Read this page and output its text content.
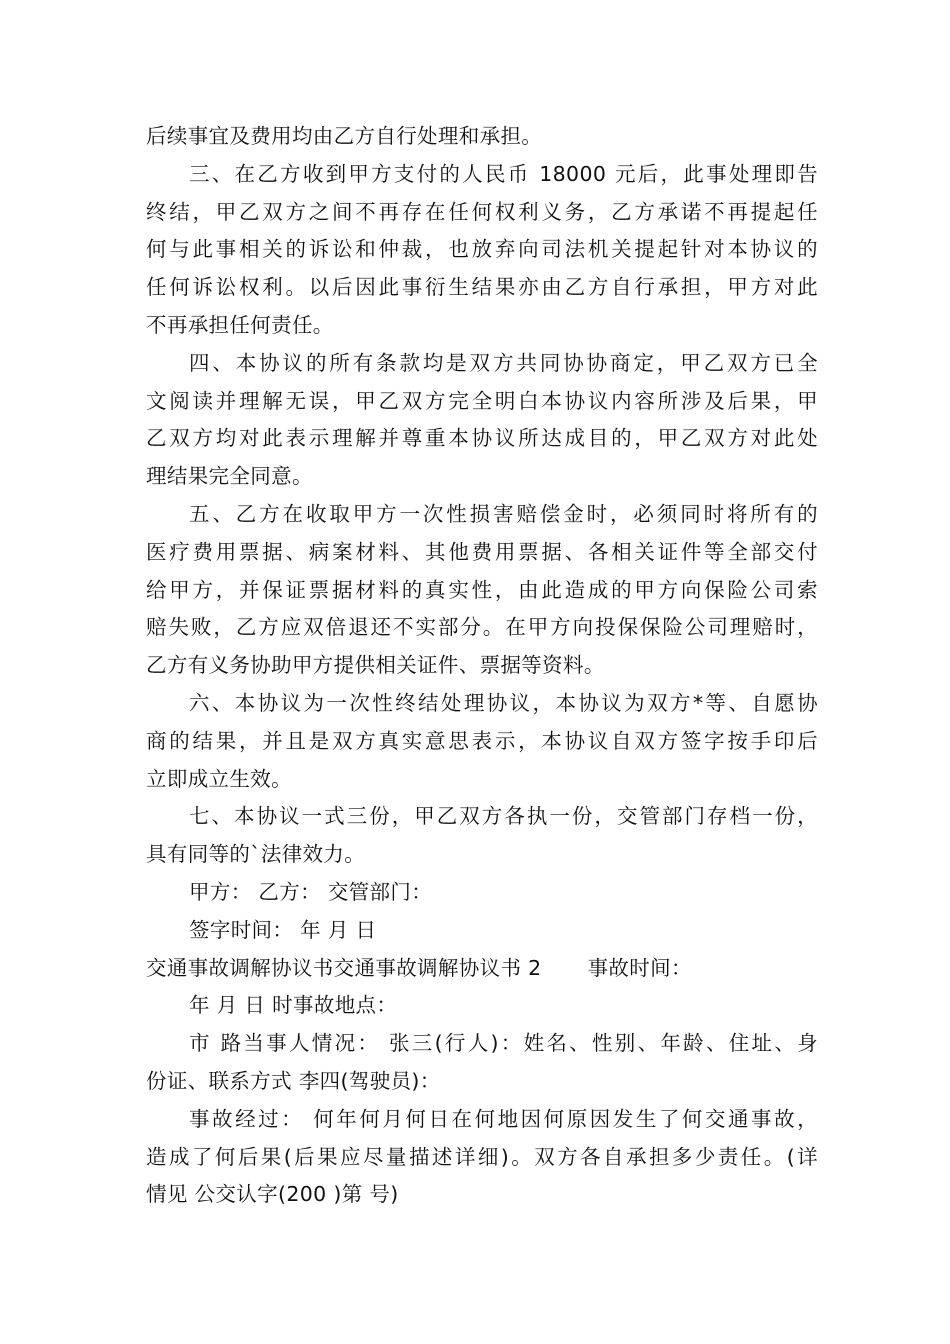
后续事宜及费用均由乙方自行处理和承担。
三、在乙方收到甲方支付的人民币 18000 元后，此事处理即告
终结，甲乙双方之间不再存在任何权利义务，乙方承诺不再提起任
何与此事相关的诉讼和仲裁，也放弃向司法机关提起针对本协议的
任何诉讼权利。以后因此事衍生结果亦由乙方自行承担，甲方对此
不再承担任何责任。
四、本协议的所有条款均是双方共同协协商定，甲乙双方已全
文阅读并理解无误，甲乙双方完全明白本协议内容所涉及后果，甲
乙双方均对此表示理解并尊重本协议所达成目的，甲乙双方对此处
理结果完全同意。
五、乙方在收取甲方一次性损害赔偿金时，必须同时将所有的
医疗费用票据、病案材料、其他费用票据、各相关证件等全部交付
给甲方，并保证票据材料的真实性，由此造成的甲方向保险公司索
赔失败，乙方应双倍退还不实部分。在甲方向投保保险公司理赔时，
乙方有义务协助甲方提供相关证件、票据等资料。
六、本协议为一次性终结处理协议，本协议为双方*等、自愿协
商的结果，并且是双方真实意思表示，本协议自双方签字按手印后
立即成立生效。
七、本协议一式三份，甲乙双方各执一份，交管部门存档一份，
具有同等的`法律效力。
甲方： 乙方： 交管部门：
签字时间： 年 月 日
交通事故调解协议书交通事故调解协议书 2 事故时间：
年 月 日 时事故地点：
市 路当事人情况： 张三(行人)：姓名、性别、年龄、住址、身
份证、联系方式 李四(驾驶员)：
事故经过： 何年何月何日在何地因何原因发生了何交通事故，
造成了何后果(后果应尽量描述详细)。双方各自承担多少责任。(详
情见 公交认字(200 )第 号)
